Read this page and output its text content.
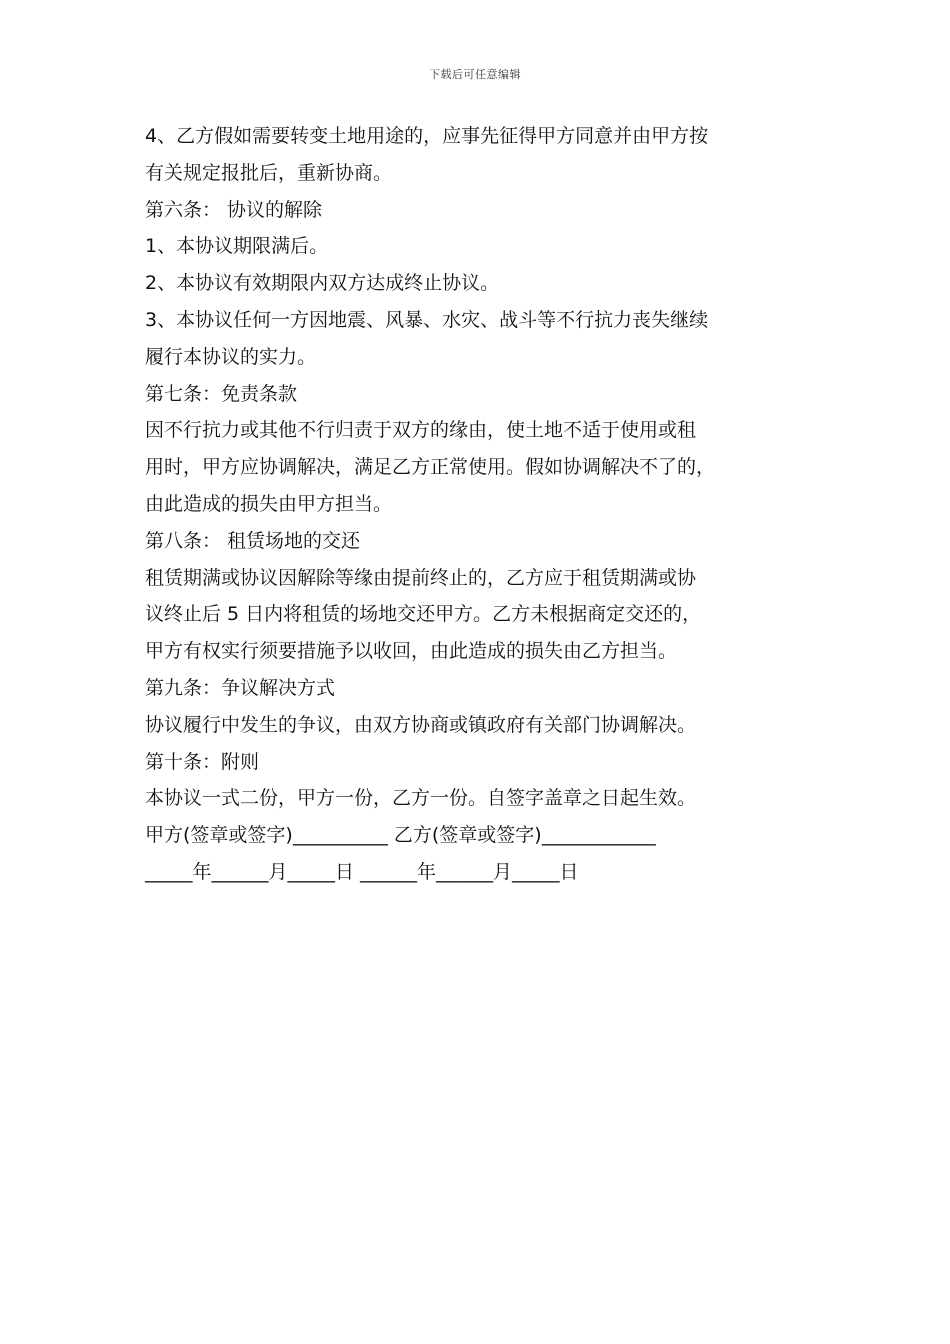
下载后可任意编辑
4、乙方假如需要转变土地用途的，应事先征得甲方同意并由甲方按
有关规定报批后，重新协商。
第六条： 协议的解除
1、本协议期限满后。
2、本协议有效期限内双方达成终止协议。
3、本协议任何一方因地震、风暴、水灾、战斗等不行抗力丧失继续
履行本协议的实力。
第七条：免责条款
因不行抗力或其他不行归责于双方的缘由，使土地不适于使用或租
用时，甲方应协调解决，满足乙方正常使用。假如协调解决不了的，
由此造成的损失由甲方担当。
第八条： 租赁场地的交还
租赁期满或协议因解除等缘由提前终止的，乙方应于租赁期满或协
议终止后 5 日内将租赁的场地交还甲方。乙方未根据商定交还的，
甲方有权实行须要措施予以收回，由此造成的损失由乙方担当。
第九条：争议解决方式
协议履行中发生的争议，由双方协商或镇政府有关部门协调解决。
第十条：附则
本协议一式二份，甲方一份，乙方一份。自签字盖章之日起生效。
甲方(签章或签字)__________ 乙方(签章或签字)____________
_____年______月_____日 ______年______月_____日
